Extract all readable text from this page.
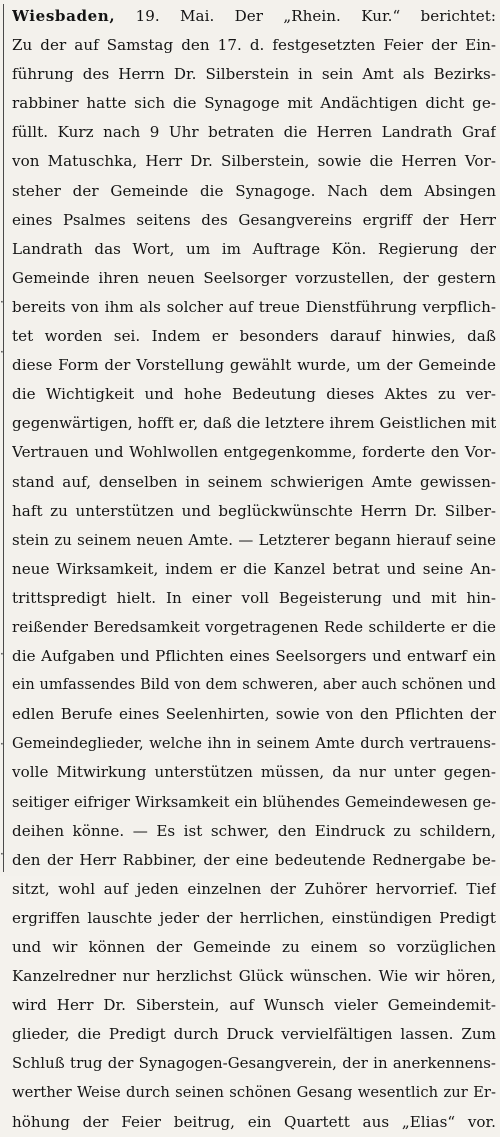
·
·
·
·
·
Wiesbaden, 19. Mai. Der „Rhein. Kur.“ berichtet:
Zu der auf Samstag den 17. d. festgesetzten Feier der Ein-
führung des Herrn Dr. Silberstein in sein Amt als Bezirks-
rabbiner hatte sich die Synagoge mit Andächtigen dicht ge-
füllt. Kurz nach 9 Uhr betraten die Herren Landrath Graf
von Matuschka, Herr Dr. Silberstein, sowie die Herren Vor-
steher der Gemeinde die Synagoge. Nach dem Absingen
eines Psalmes seitens des Gesangvereins ergriff der Herr
Landrath das Wort, um im Auftrage Kön. Regierung der
Gemeinde ihren neuen Seelsorger vorzustellen, der gestern
bereits von ihm als solcher auf treue Dienstführung verpflich-
tet worden sei. Indem er besonders darauf hinwies, daß
diese Form der Vorstellung gewählt wurde, um der Gemeinde
die Wichtigkeit und hohe Bedeutung dieses Aktes zu ver-
gegenwärtigen, hofft er, daß die letztere ihrem Geistlichen mit
Vertrauen und Wohlwollen entgegenkomme, forderte den Vor-
stand auf, denselben in seinem schwierigen Amte gewissen-
haft zu unterstützen und beglückwünschte Herrn Dr. Silber-
stein zu seinem neuen Amte. — Letzterer begann hierauf seine
neue Wirksamkeit, indem er die Kanzel betrat und seine An-
trittspredigt hielt. In einer voll Begeisterung und mit hin-
reißender Beredsamkeit vorgetragenen Rede schilderte er die
die Aufgaben und Pflichten eines Seelsorgers und entwarf ein
ein umfassendes Bild von dem schweren, aber auch schönen und
edlen Berufe eines Seelenhirten, sowie von den Pflichten der
Gemeindeglieder, welche ihn in seinem Amte durch vertrauens-
volle Mitwirkung unterstützen müssen, da nur unter gegen-
seitiger eifriger Wirksamkeit ein blühendes Gemeindewesen ge-
deihen könne. — Es ist schwer, den Eindruck zu schildern,
den der Herr Rabbiner, der eine bedeutende Rednergabe be-
sitzt, wohl auf jeden einzelnen der Zuhörer hervorrief. Tief
ergriffen lauschte jeder der herrlichen, einstündigen Predigt
und wir können der Gemeinde zu einem so vorzüglichen
Kanzelredner nur herzlichst Glück wünschen. Wie wir hören,
wird Herr Dr. Siberstein, auf Wunsch vieler Gemeindemit-
glieder, die Predigt durch Druck vervielfältigen lassen. Zum
Schluß trug der Synagogen-Gesangverein, der in anerkennens-
werther Weise durch seinen schönen Gesang wesentlich zur Er-
höhung der Feier beitrug, ein Quartett aus „Elias“ vor.
